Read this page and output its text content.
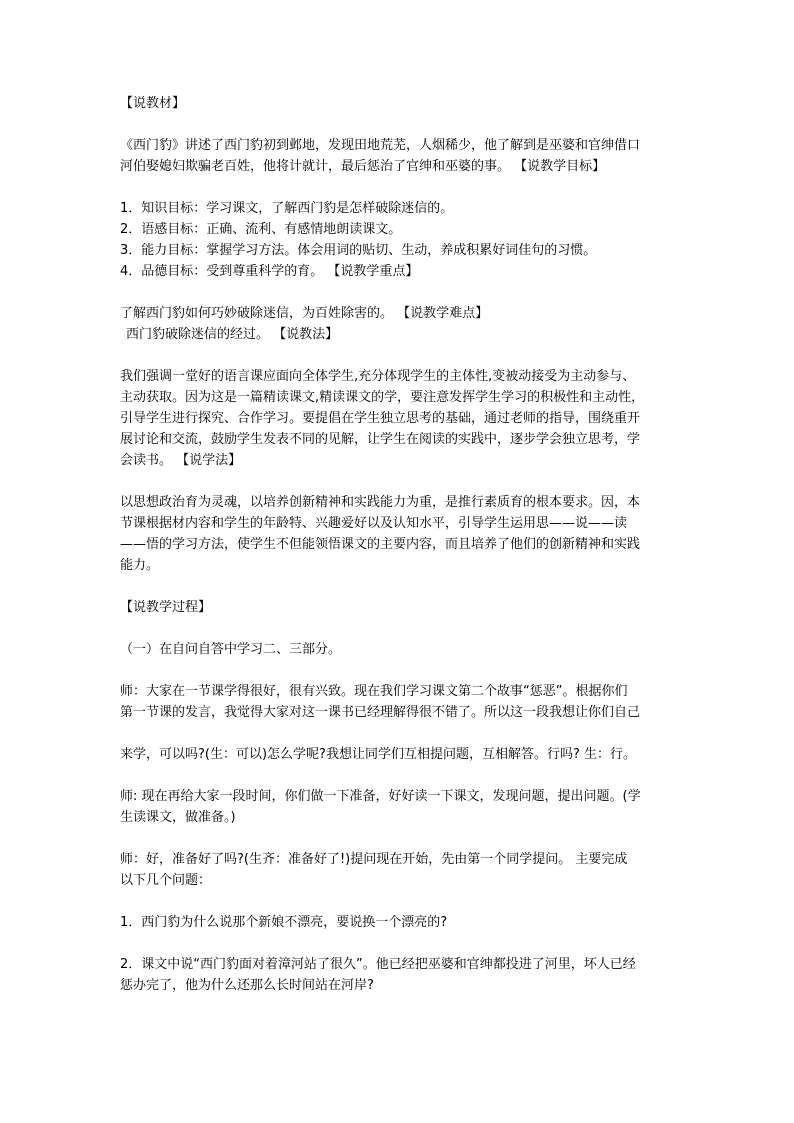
【说教材】

《西门豹》讲述了西门豹初到邺地，发现田地荒芜，人烟稀少，他了解到是巫婆和官绅借口

河伯娶媳妇欺骗老百姓，他将计就计，最后惩治了官绅和巫婆的事。 【说教学目标】

1．知识目标：学习课文，了解西门豹是怎样破除迷信的。

2．语感目标：正确、流利、有感情地朗读课文。

3．能力目标：掌握学习方法。体会用词的贴切、生动，养成积累好词佳句的习惯。

4．品德目标：受到尊重科学的育。 【说教学重点】

了解西门豹如何巧妙破除迷信，为百姓除害的。 【说教学难点】

西门豹破除迷信的经过。 【说教法】

我们强调一堂好的语言课应面向全体学生,充分体现学生的主体性,变被动接受为主动参与、

主动获取。因为这是一篇精读课文,精读课文的学，要注意发挥学生学习的积极性和主动性，

引导学生进行探究、合作学习。要提倡在学生独立思考的基础，通过老师的指导，围绕重开

展讨论和交流，鼓励学生发表不同的见解，让学生在阅读的实践中，逐步学会独立思考，学

会读书。 【说学法】

以思想政治育为灵魂，以培养创新精神和实践能力为重，是推行素质育的根本要求。因，本

节课根据材内容和学生的年龄特、兴趣爱好以及认知水平，引导学生运用思——说——读

——悟的学习方法，使学生不但能领悟课文的主要内容，而且培养了他们的创新精神和实践

能力。

【说教学过程】

（一）在自问自答中学习二、三部分。

师：大家在一节课学得很好，很有兴致。现在我们学习课文第二个故事“惩恶”。根据你们

第一节课的发言，我觉得大家对这一课书已经理解得很不错了。所以这一段我想让你们自己

来学，可以吗?(生：可以)怎么学呢?我想让同学们互相提问题，互相解答。行吗? 生：行。

师: 现在再给大家一段时间，你们做一下准备，好好读一下课文，发现问题，提出问题。(学

生读课文，做准备。)

师：好，准备好了吗?(生齐：准备好了!)提问现在开始，先由第一个同学提问。 主要完成

以下几个问题：

1．西门豹为什么说那个新娘不漂亮，要说换一个漂亮的?

2．课文中说“西门豹面对着漳河站了很久”。他已经把巫婆和官绅都投进了河里，坏人已经

惩办完了，他为什么还那么长时间站在河岸?
